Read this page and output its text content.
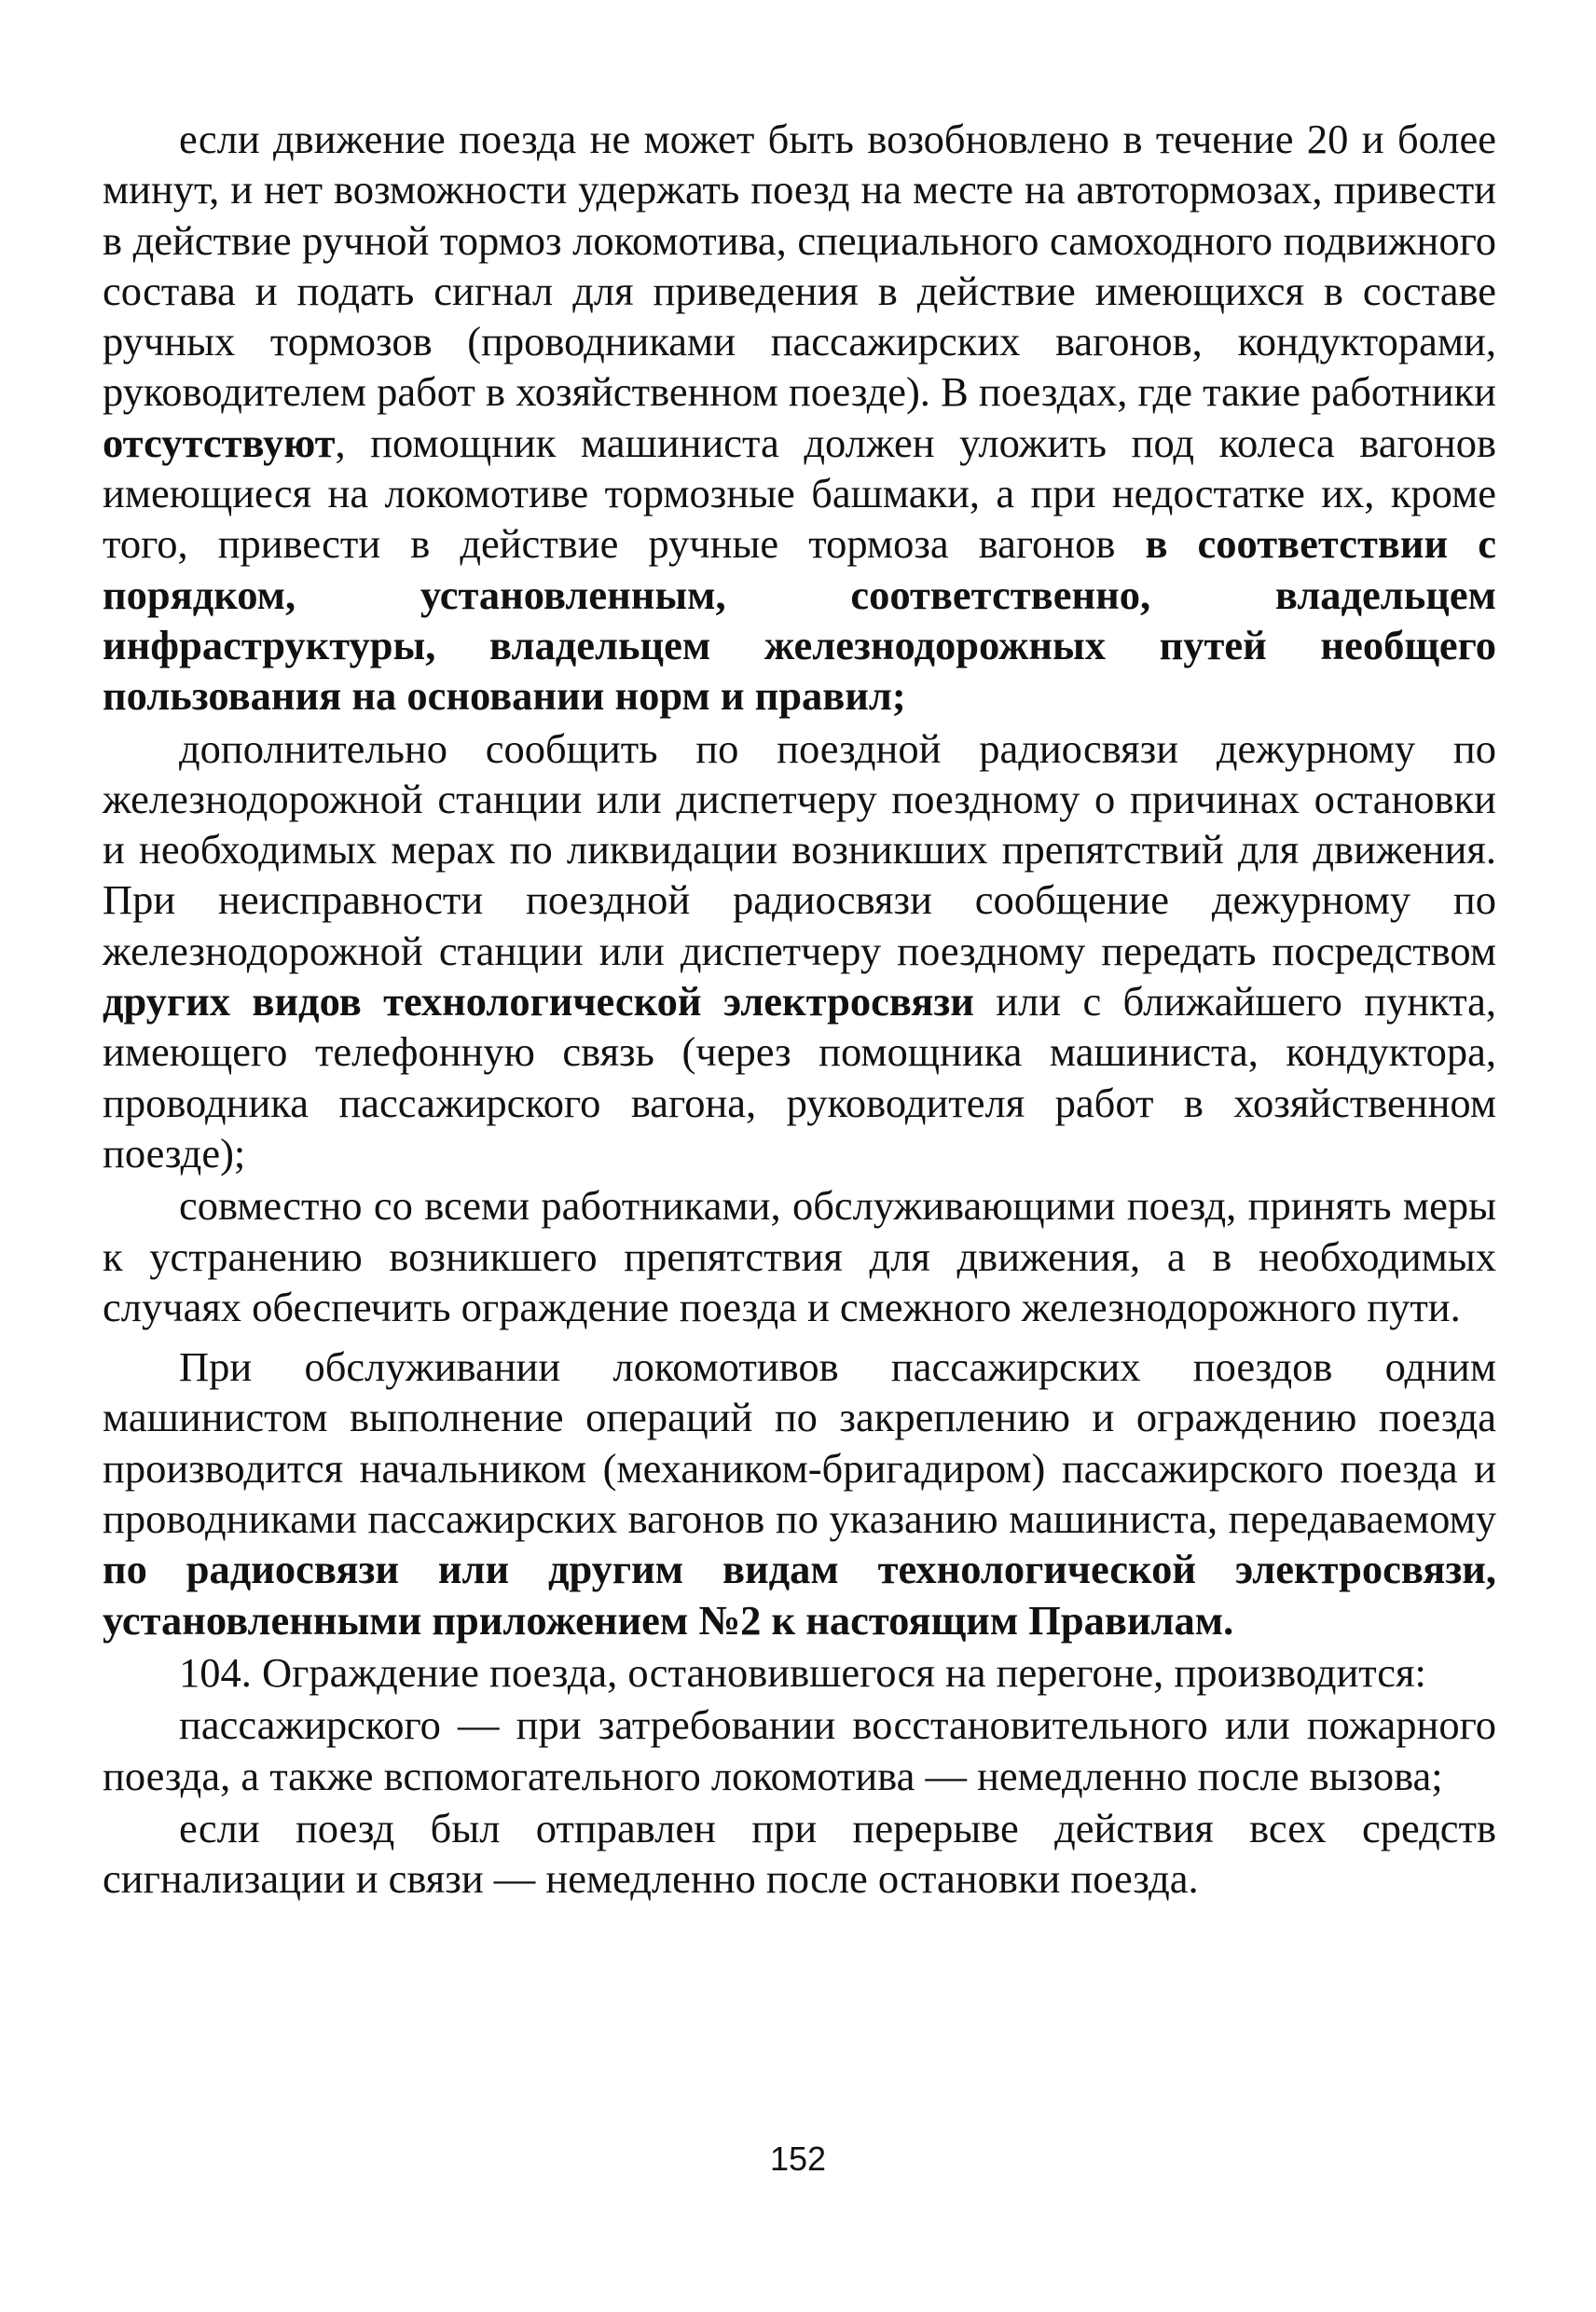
если движение поезда не может быть возобновлено в течение 20 и более минут, и нет возможности удержать поезд на месте на автотормозах, привести в действие ручной тормоз локомотива, специального самоходного подвижного состава и подать сигнал для приведения в действие имеющихся в составе ручных тормозов (проводниками пассажирских вагонов, кондукторами, руководителем работ в хозяйственном поезде). В поездах, где такие работники отсутствуют, помощник машиниста должен уложить под колеса вагонов имеющиеся на локомотиве тормозные башмаки, а при недостатке их, кроме того, привести в действие ручные тормоза вагонов в соответствии с порядком, установленным, соответственно, владельцем инфраструктуры, владельцем железнодорожных путей необщего пользования на основании норм и правил;

дополнительно сообщить по поездной радиосвязи дежурному по железнодорожной станции или диспетчеру поездному о причинах остановки и необходимых мерах по ликвидации возникших препятствий для движения. При неисправности поездной радиосвязи сообщение дежурному по железнодорожной станции или диспетчеру поездному передать посредством других видов технологической электросвязи или с ближайшего пункта, имеющего телефонную связь (через помощника машиниста, кондуктора, проводника пассажирского вагона, руководителя работ в хозяйственном поезде);

совместно со всеми работниками, обслуживающими поезд, принять меры к устранению возникшего препятствия для движения, а в необходимых случаях обеспечить ограждение поезда и смежного железнодорожного пути.

При обслуживании локомотивов пассажирских поездов одним машинистом выполнение операций по закреплению и ограждению поезда производится начальником (механиком-бригадиром) пассажирского поезда и проводниками пассажирских вагонов по указанию машиниста, передаваемому по радиосвязи или другим видам технологической электросвязи, установленными приложением №2 к настоящим Правилам.

104. Ограждение поезда, остановившегося на перегоне, производится:

пассажирского — при затребовании восстановительного или пожарного поезда, а также вспомогательного локомотива — немедленно после вызова;

если поезд был отправлен при перерыве действия всех средств сигнализации и связи — немедленно после остановки поезда.

152
